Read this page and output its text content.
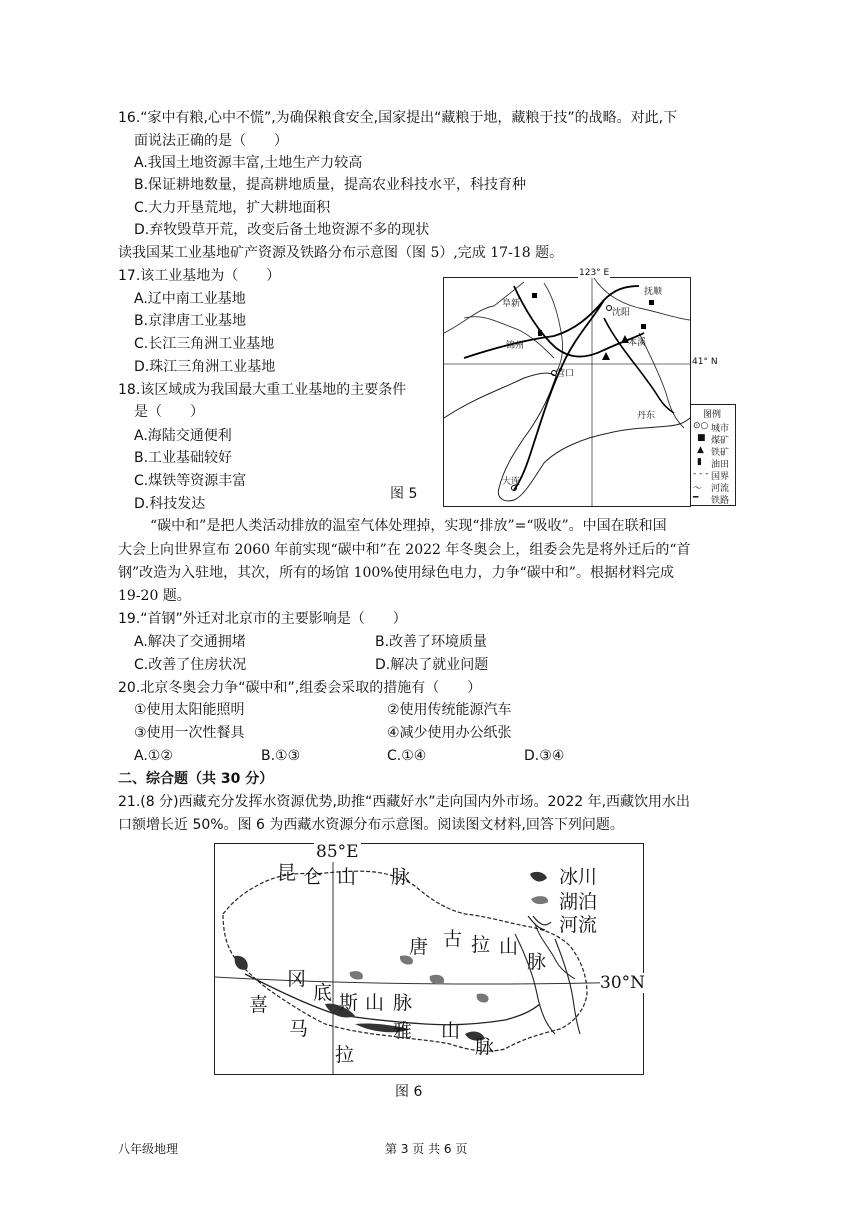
16.“家中有粮,心中不慌”,为确保粮食安全,国家提出“藏粮于地，藏粮于技”的战略。对此,下
面说法正确的是（　　）
A.我国土地资源丰富,土地生产力较高
B.保证耕地数量，提高耕地质量，提高农业科技水平，科技育种
C.大力开垦荒地，扩大耕地面积
D.弃牧毁草开荒，改变后备土地资源不多的现状
读我国某工业基地矿产资源及铁路分布示意图（图 5）,完成 17-18 题。
17.该工业基地为（　　）
A.辽中南工业基地
B.京津唐工业基地
C.长江三角洲工业基地
D.珠江三角洲工业基地
18.该区域成为我国最大重工业基地的主要条件
是（　　）
A.海陆交通便利
B.工业基础较好
C.煤铁等资源丰富
D.科技发达
图 5
阜新
抚顺
沈阳
本溪
锦州
营口
丹东
大连
123° E
41° N
图例
⊙○ 城市
■ 煤矿
▲ 铁矿
▮ 油田
- - - 国界
〜 河流
━ 铁路
“碳中和”是把人类活动排放的温室气体处理掉，实现“排放”=“吸收”。中国在联和国
大会上向世界宣布 2060 年前实现“碳中和”在 2022 年冬奥会上，组委会先是将外迁后的“首
钢”改造为入驻地，其次，所有的场馆 100%使用绿色电力，力争“碳中和”。根据材料完成
19-20 题。
19.“首钢”外迁对北京市的主要影响是（　　）
A.解决了交通拥堵	B.改善了环境质量
C.改善了住房状况	D.解决了就业问题
20.北京冬奥会力争“碳中和”,组委会采取的措施有（　　）
①使用太阳能照明	②使用传统能源汽车
③使用一次性餐具	④减少使用办公纸张
A.①②	B.①③	C.①④	D.③④
二、综合题（共 30 分）
21.(8 分)西藏充分发挥水资源优势,助推“西藏好水”走向国内外市场。2022 年,西藏饮用水出
口额增长近 50%。图 6 为西藏水资源分布示意图。阅读图文材料,回答下列问题。
冰川
湖泊
河流
昆 仑 山 脉
唐 古 拉 山
脉
冈
底 斯 山 脉
喜
马
拉
雅 山
脉
85°E
30°N
图 6
八年级地理	第 3 页 共 6 页
